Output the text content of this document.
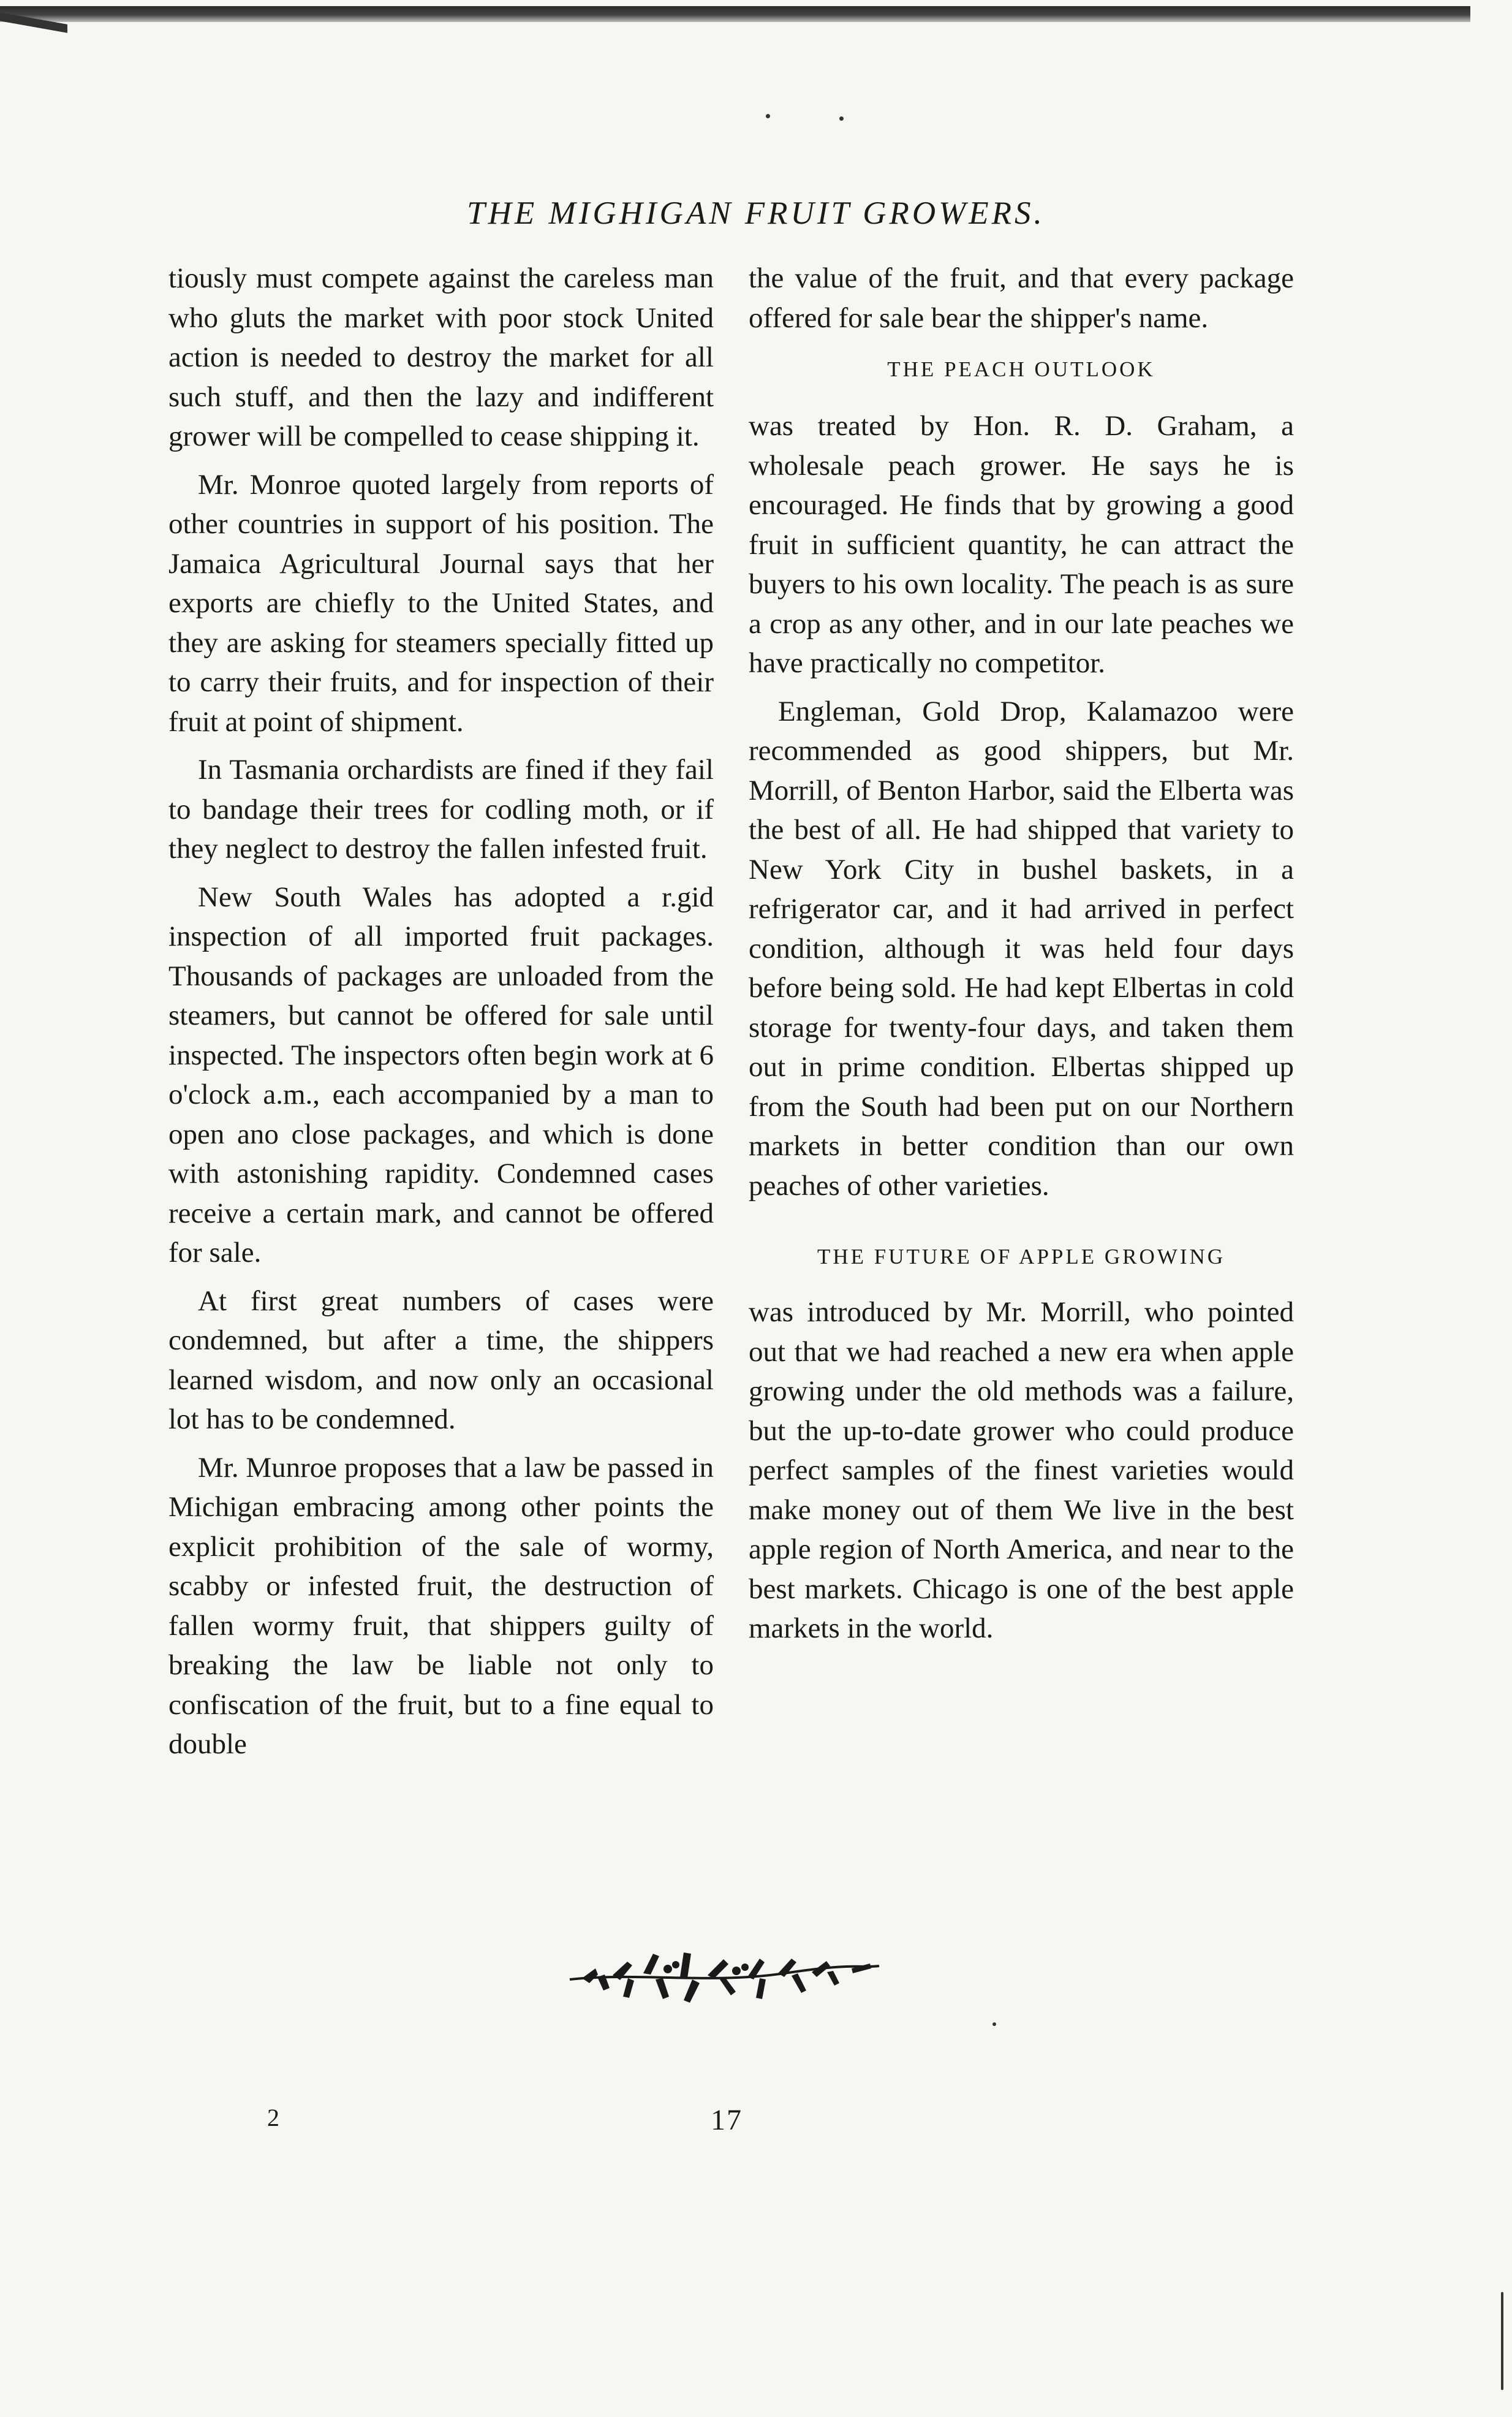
THE MIGHIGAN FRUIT GROWERS.

tiously must compete against the careless man who gluts the market with poor stock United action is needed to destroy the market for all such stuff, and then the lazy and indifferent grower will be compelled to cease shipping it.

Mr. Monroe quoted largely from reports of other countries in support of his position. The Jamaica Agricultural Journal says that her exports are chiefly to the United States, and they are asking for steamers specially fitted up to carry their fruits, and for inspection of their fruit at point of shipment.

In Tasmania orchardists are fined if they fail to bandage their trees for codling moth, or if they neglect to destroy the fallen infested fruit.

New South Wales has adopted a r.gid inspection of all imported fruit packages. Thousands of packages are unloaded from the steamers, but cannot be offered for sale until inspected. The inspectors often begin work at 6 o'clock a.m., each accompanied by a man to open ano close packages, and which is done with astonishing rapidity. Condemned cases receive a certain mark, and cannot be offered for sale.

At first great numbers of cases were condemned, but after a time, the shippers learned wisdom, and now only an occasional lot has to be condemned.

Mr. Munroe proposes that a law be passed in Michigan embracing among other points the explicit prohibition of the sale of wormy, scabby or infested fruit, the destruction of fallen wormy fruit, that shippers guilty of breaking the law be liable not only to confiscation of the fruit, but to a fine equal to double

the value of the fruit, and that every package offered for sale bear the shipper's name.

THE PEACH OUTLOOK

was treated by Hon. R. D. Graham, a wholesale peach grower. He says he is encouraged. He finds that by growing a good fruit in sufficient quantity, he can attract the buyers to his own locality. The peach is as sure a crop as any other, and in our late peaches we have practically no competitor.

Engleman, Gold Drop, Kalamazoo were recommended as good shippers, but Mr. Morrill, of Benton Harbor, said the Elberta was the best of all. He had shipped that variety to New York City in bushel baskets, in a refrigerator car, and it had arrived in perfect condition, although it was held four days before being sold. He had kept Elbertas in cold storage for twenty-four days, and taken them out in prime condition. Elbertas shipped up from the South had been put on our Northern markets in better condition than our own peaches of other varieties.

THE FUTURE OF APPLE GROWING

was introduced by Mr. Morrill, who pointed out that we had reached a new era when apple growing under the old methods was a failure, but the up-to-date grower who could produce perfect samples of the finest varieties would make money out of them We live in the best apple region of North America, and near to the best markets. Chicago is one of the best apple markets in the world.

2	17
